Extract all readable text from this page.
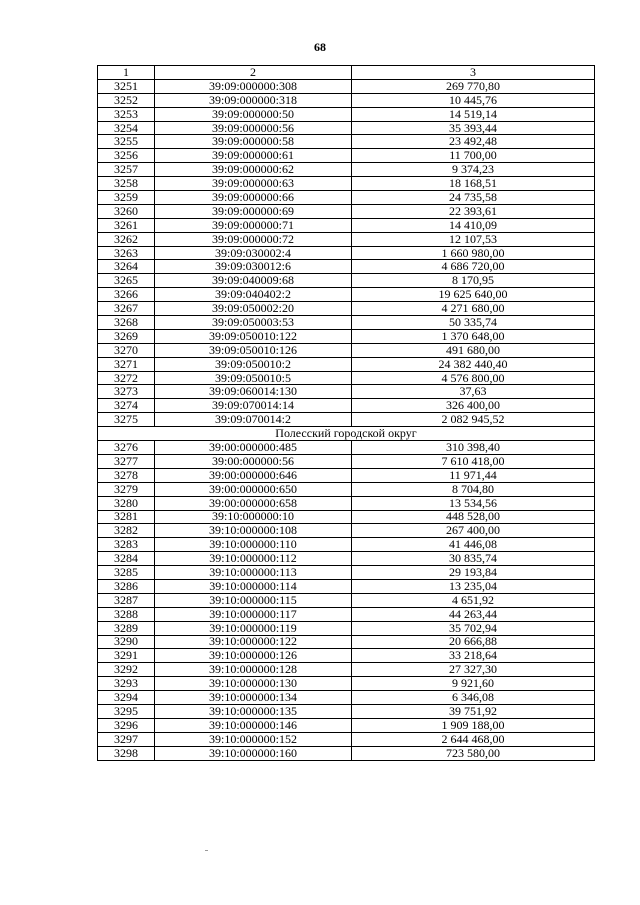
68
1	2	3
3251	39:09:000000:308	269 770,80
3252	39:09:000000:318	10 445,76
3253	39:09:000000:50	14 519,14
3254	39:09:000000:56	35 393,44
3255	39:09:000000:58	23 492,48
3256	39:09:000000:61	11 700,00
3257	39:09:000000:62	9 374,23
3258	39:09:000000:63	18 168,51
3259	39:09:000000:66	24 735,58
3260	39:09:000000:69	22 393,61
3261	39:09:000000:71	14 410,09
3262	39:09:000000:72	12 107,53
3263	39:09:030002:4	1 660 980,00
3264	39:09:030012:6	4 686 720,00
3265	39:09:040009:68	8 170,95
3266	39:09:040402:2	19 625 640,00
3267	39:09:050002:20	4 271 680,00
3268	39:09:050003:53	50 335,74
3269	39:09:050010:122	1 370 648,00
3270	39:09:050010:126	491 680,00
3271	39:09:050010:2	24 382 440,40
3272	39:09:050010:5	4 576 800,00
3273	39:09:060014:130	37,63
3274	39:09:070014:14	326 400,00
3275	39:09:070014:2	2 082 945,52
Полесский городской округ		
3276	39:00:000000:485	310 398,40
3277	39:00:000000:56	7 610 418,00
3278	39:00:000000:646	11 971,44
3279	39:00:000000:650	8 704,80
3280	39:00:000000:658	13 534,56
3281	39:10:000000:10	448 528,00
3282	39:10:000000:108	267 400,00
3283	39:10:000000:110	41 446,08
3284	39:10:000000:112	30 835,74
3285	39:10:000000:113	29 193,84
3286	39:10:000000:114	13 235,04
3287	39:10:000000:115	4 651,92
3288	39:10:000000:117	44 263,44
3289	39:10:000000:119	35 702,94
3290	39:10:000000:122	20 666,88
3291	39:10:000000:126	33 218,64
3292	39:10:000000:128	27 327,30
3293	39:10:000000:130	9 921,60
3294	39:10:000000:134	6 346,08
3295	39:10:000000:135	39 751,92
3296	39:10:000000:146	1 909 188,00
3297	39:10:000000:152	2 644 468,00
3298	39:10:000000:160	723 580,00
